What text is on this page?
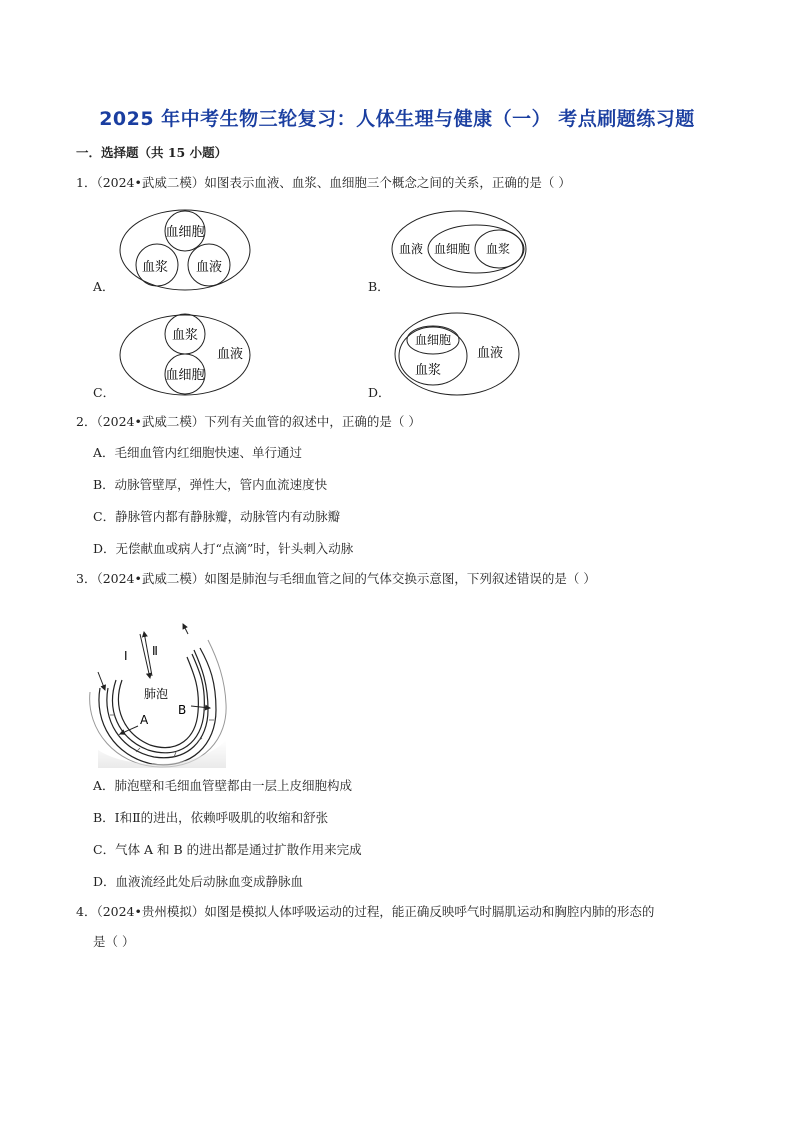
2025 年中考生物三轮复习：人体生理与健康（一） 考点刷题练习题
一．选择题（共 15 小题）
1．（2024•武威二模）如图表示血液、血浆、血细胞三个概念之间的关系，正确的是（ ）
血细胞
血浆 血液
A．
血液 血细胞 血浆
B．
血浆
血细胞
血液
C．
血细胞
血浆
血液
D．
2．（2024•武威二模）下列有关血管的叙述中，正确的是（ ）
A．毛细血管内红细胞快速、单行通过
B．动脉管壁厚，弹性大，管内血流速度快
C．静脉管内都有静脉瓣，动脉管内有动脉瓣
D．无偿献血或病人打“点滴”时，针头刺入动脉
3．（2024•武威二模）如图是肺泡与毛细血管之间的气体交换示意图，下列叙述错误的是（ ）
Ⅰ Ⅱ
肺泡
A
B
A．肺泡壁和毛细血管壁都由一层上皮细胞构成
B．Ⅰ和Ⅱ的进出，依赖呼吸肌的收缩和舒张
C．气体 A 和 B 的进出都是通过扩散作用来完成
D．血液流经此处后动脉血变成静脉血
4．（2024•贵州模拟）如图是模拟人体呼吸运动的过程，能正确反映呼气时膈肌运动和胸腔内肺的形态的
是（ ）
